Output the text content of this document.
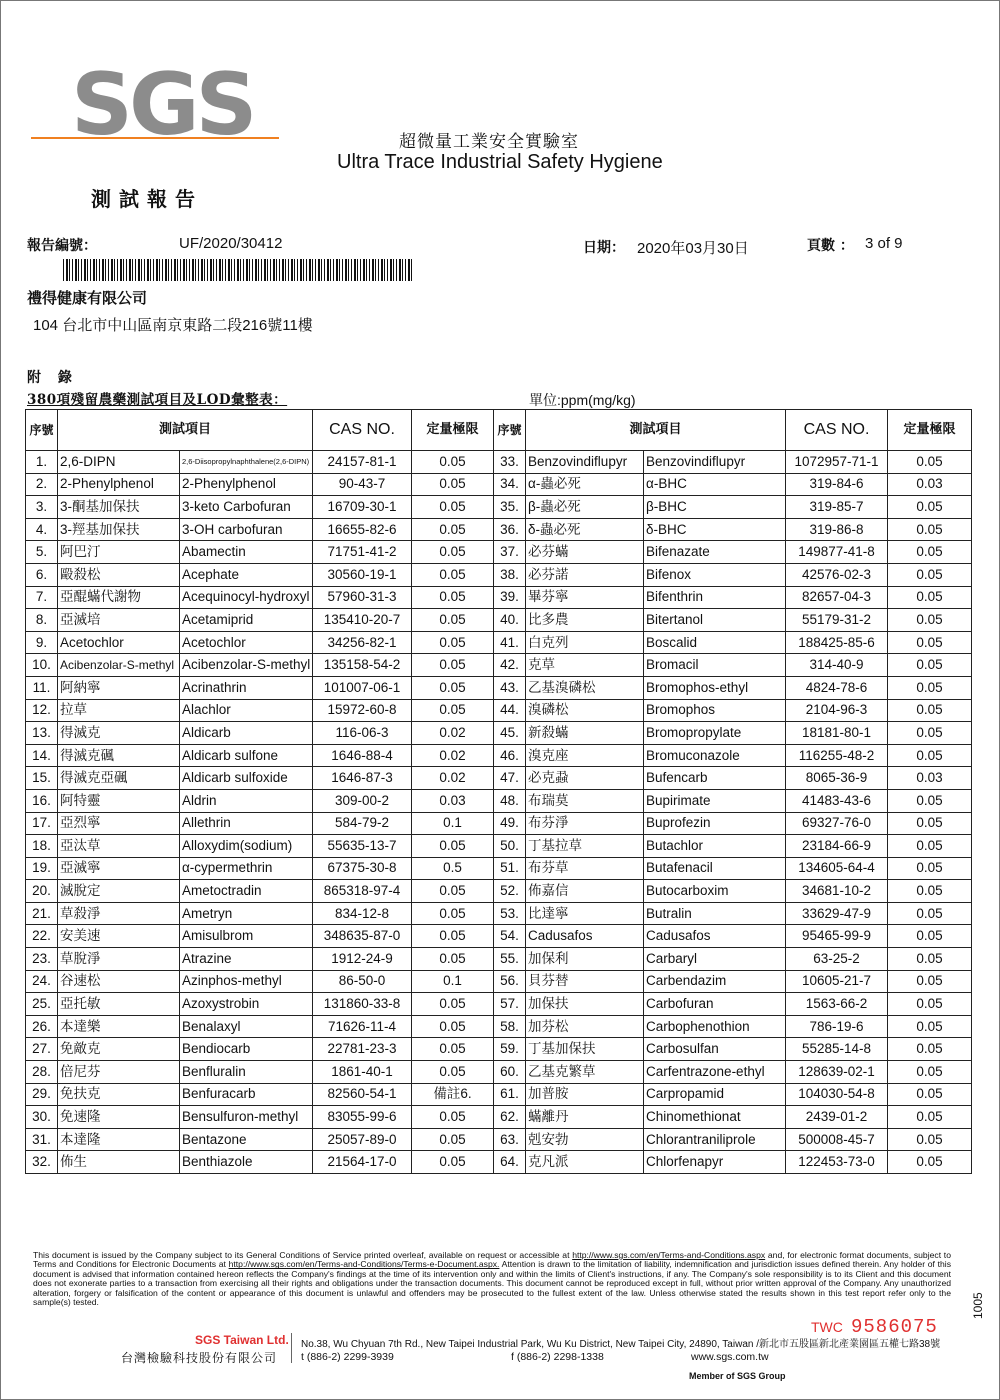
SGS	超微量工業安全實驗室
Ultra Trace Industrial Safety Hygiene
測試報告
報告編號：	UF/2020/30412	日期： 2020年03月30日	頁數 ： 3 of 9
禮得健康有限公司
104 台北市中山區南京東路二段216號11樓
附 錄
380項殘留農藥測試項目及LOD彙整表：	單位:ppm(mg/kg)
序號	測試項目		CAS NO.	定量極限	序號	測試項目		CAS NO.	定量極限
1.	2,6-DIPN	2,6-Diisopropylnaphthalene(2,6-DIPN)	24157-81-1	0.05	33.	Benzovindiflupyr	Benzovindiflupyr	1072957-71-1	0.05
2.	2-Phenylphenol	2-Phenylphenol	90-43-7	0.05	34.	α-蟲必死	α-BHC	319-84-6	0.03
3.	3-酮基加保扶	3-keto Carbofuran	16709-30-1	0.05	35.	β-蟲必死	β-BHC	319-85-7	0.05
4.	3-羥基加保扶	3-OH carbofuran	16655-82-6	0.05	36.	δ-蟲必死	δ-BHC	319-86-8	0.05
5.	阿巴汀	Abamectin	71751-41-2	0.05	37.	必芬蟎	Bifenazate	149877-41-8	0.05
6.	毆殺松	Acephate	30560-19-1	0.05	38.	必芬諾	Bifenox	42576-02-3	0.05
7.	亞醌蟎代謝物	Acequinocyl-hydroxyl	57960-31-3	0.05	39.	畢芬寧	Bifenthrin	82657-04-3	0.05
8.	亞滅培	Acetamiprid	135410-20-7	0.05	40.	比多農	Bitertanol	55179-31-2	0.05
9.	Acetochlor	Acetochlor	34256-82-1	0.05	41.	白克列	Boscalid	188425-85-6	0.05
10.	Acibenzolar-S-methyl	Acibenzolar-S-methyl	135158-54-2	0.05	42.	克草	Bromacil	314-40-9	0.05
11.	阿納寧	Acrinathrin	101007-06-1	0.05	43.	乙基溴磷松	Bromophos-ethyl	4824-78-6	0.05
12.	拉草	Alachlor	15972-60-8	0.05	44.	溴磷松	Bromophos	2104-96-3	0.05
13.	得滅克	Aldicarb	116-06-3	0.02	45.	新殺蟎	Bromopropylate	18181-80-1	0.05
14.	得滅克碸	Aldicarb sulfone	1646-88-4	0.02	46.	溴克座	Bromuconazole	116255-48-2	0.05
15.	得滅克亞碸	Aldicarb sulfoxide	1646-87-3	0.02	47.	必克蝨	Bufencarb	8065-36-9	0.03
16.	阿特靈	Aldrin	309-00-2	0.03	48.	布瑞莫	Bupirimate	41483-43-6	0.05
17.	亞烈寧	Allethrin	584-79-2	0.1	49.	布芬淨	Buprofezin	69327-76-0	0.05
18.	亞汰草	Alloxydim(sodium)	55635-13-7	0.05	50.	丁基拉草	Butachlor	23184-66-9	0.05
19.	亞滅寧	α-cypermethrin	67375-30-8	0.5	51.	布芬草	Butafenacil	134605-64-4	0.05
20.	滅脫定	Ametoctradin	865318-97-4	0.05	52.	佈嘉信	Butocarboxim	34681-10-2	0.05
21.	草殺淨	Ametryn	834-12-8	0.05	53.	比達寧	Butralin	33629-47-9	0.05
22.	安美速	Amisulbrom	348635-87-0	0.05	54.	Cadusafos	Cadusafos	95465-99-9	0.05
23.	草脫淨	Atrazine	1912-24-9	0.05	55.	加保利	Carbaryl	63-25-2	0.05
24.	谷速松	Azinphos-methyl	86-50-0	0.1	56.	貝芬替	Carbendazim	10605-21-7	0.05
25.	亞托敏	Azoxystrobin	131860-33-8	0.05	57.	加保扶	Carbofuran	1563-66-2	0.05
26.	本達樂	Benalaxyl	71626-11-4	0.05	58.	加芬松	Carbophenothion	786-19-6	0.05
27.	免敵克	Bendiocarb	22781-23-3	0.05	59.	丁基加保扶	Carbosulfan	55285-14-8	0.05
28.	倍尼芬	Benfluralin	1861-40-1	0.05	60.	乙基克繁草	Carfentrazone-ethyl	128639-02-1	0.05
29.	免扶克	Benfuracarb	82560-54-1	備註6.	61.	加普胺	Carpropamid	104030-54-8	0.05
30.	免速隆	Bensulfuron-methyl	83055-99-6	0.05	62.	蟎離丹	Chinomethionat	2439-01-2	0.05
31.	本達隆	Bentazone	25057-89-0	0.05	63.	剋安勃	Chlorantraniliprole	500008-45-7	0.05
32.	佈生	Benthiazole	21564-17-0	0.05	64.	克凡派	Chlorfenapyr	122453-73-0	0.05
This document is issued by the Company subject to its General Conditions of Service printed overleaf, available on request or accessible at http://www.sgs.com/en/Terms-and-Conditions.aspx and, for electronic format documents, subject to Terms and Conditions for Electronic Documents at http://www.sgs.com/en/Terms-and-Conditions/Terms-e-Document.aspx. Attention is drawn to the limitation of liability, indemnification and jurisdiction issues defined therein. Any holder of this document is advised that information contained hereon reflects the Company's findings at the time of its intervention only and within the limits of Client's instructions, if any. The Company's sole responsibility is to its Client and this document does not exonerate parties to a transaction from exercising all their rights and obligations under the transaction documents. This document cannot be reproduced except in full, without prior written approval of the Company. Any unauthorized alteration, forgery or falsification of the content or appearance of this document is unlawful and offenders may be prosecuted to the fullest extent of the law. Unless otherwise stated the results shown in this test report refer only to the sample(s) tested.
TWC 9586075
1005
SGS Taiwan Ltd.
台灣檢驗科技股份有限公司
No.38, Wu Chyuan 7th Rd., New Taipei Industrial Park, Wu Ku District, New Taipei City, 24890, Taiwan /新北市五股區新北產業園區五權七路38號
t (886-2) 2299-3939	f (886-2) 2298-1338	www.sgs.com.tw
Member of SGS Group
